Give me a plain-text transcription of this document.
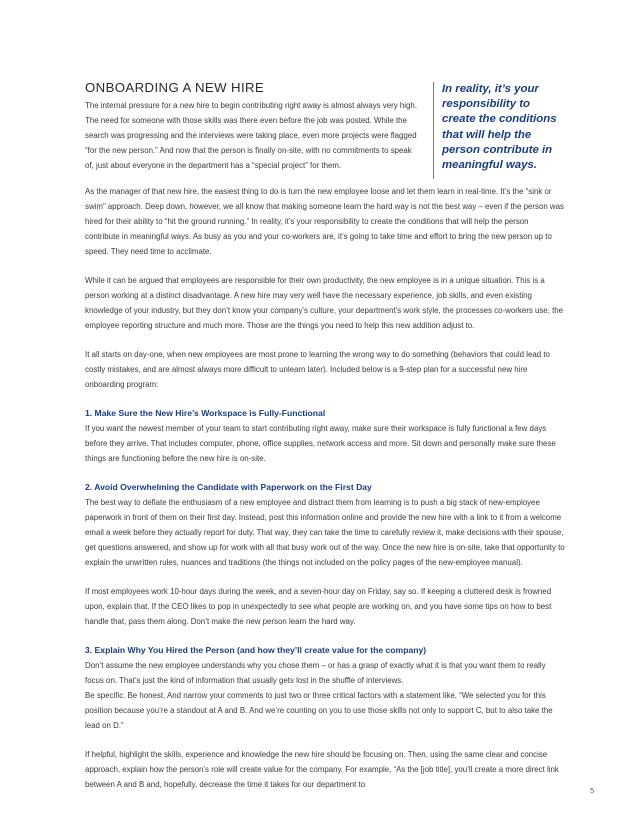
ONBOARDING A NEW HIRE

The internal pressure for a new hire to begin contributing right away is almost always very high. The need for someone with those skills was there even before the job was posted. While the search was progressing and the interviews were taking place, even more projects were flagged “for the new person.” And now that the person is finally on-site, with no commitments to speak of, just about everyone in the department has a “special project” for them.

In reality, it’s your responsibility to create the conditions that will help the person contribute in meaningful ways.

As the manager of that new hire, the easiest thing to do is turn the new employee loose and let them learn in real-time. It’s the “sink or swim” approach. Deep down, however, we all know that making someone learn the hard way is not the best way – even if the person was hired for their ability to “hit the ground running.” In reality, it’s your responsibility to create the conditions that will help the person contribute in meaningful ways. As busy as you and your co-workers are, it’s going to take time and effort to bring the new person up to speed. They need time to acclimate.

While it can be argued that employees are responsible for their own productivity, the new employee is in a unique situation. This is a person working at a distinct disadvantage. A new hire may very well have the necessary experience, job skills, and even existing knowledge of your industry, but they don’t know your company’s culture, your department’s work style, the processes co-workers use, the employee reporting structure and much more. Those are the things you need to help this new addition adjust to.

It all starts on day-one, when new employees are most prone to learning the wrong way to do something (behaviors that could lead to costly mistakes, and are almost always more difficult to unlearn later). Included below is a 9-step plan for a successful new hire onboarding program:

1. Make Sure the New Hire’s Workspace is Fully-Functional

If you want the newest member of your team to start contributing right away, make sure their workspace is fully functional a few days before they arrive. That includes computer, phone, office supplies, network access and more. Sit down and personally make sure these things are functioning before the new hire is on-site.

2. Avoid Overwhelming the Candidate with Paperwork on the First Day

The best way to deflate the enthusiasm of a new employee and distract them from learning is to push a big stack of new-employee paperwork in front of them on their first day. Instead, post this information online and provide the new hire with a link to it from a welcome email a week before they actually report for duty. That way, they can take the time to carefully review it, make decisions with their spouse, get questions answered, and show up for work with all that busy work out of the way. Once the new hire is on-site, take that opportunity to explain the unwritten rules, nuances and traditions (the things not included on the policy pages of the new-employee manual).

If most employees work 10-hour days during the week, and a seven-hour day on Friday, say so. If keeping a cluttered desk is frowned upon, explain that. If the CEO likes to pop in unexpectedly to see what people are working on, and you have some tips on how to best handle that, pass them along. Don’t make the new person learn the hard way.

3. Explain Why You Hired the Person (and how they’ll create value for the company)

Don’t assume the new employee understands why you chose them – or has a grasp of exactly what it is that you want them to really focus on. That’s just the kind of information that usually gets lost in the shuffle of interviews.

Be specific. Be honest. And narrow your comments to just two or three critical factors with a statement like, “We selected you for this position because you’re a standout at A and B. And we’re counting on you to use those skills not only to support C, but to also take the lead on D.”

If helpful, highlight the skills, experience and knowledge the new hire should be focusing on. Then, using the same clear and concise approach, explain how the person’s role will create value for the company. For example, “As the [job title], you’ll create a more direct link between A and B and, hopefully, decrease the time it takes for our department to

5
